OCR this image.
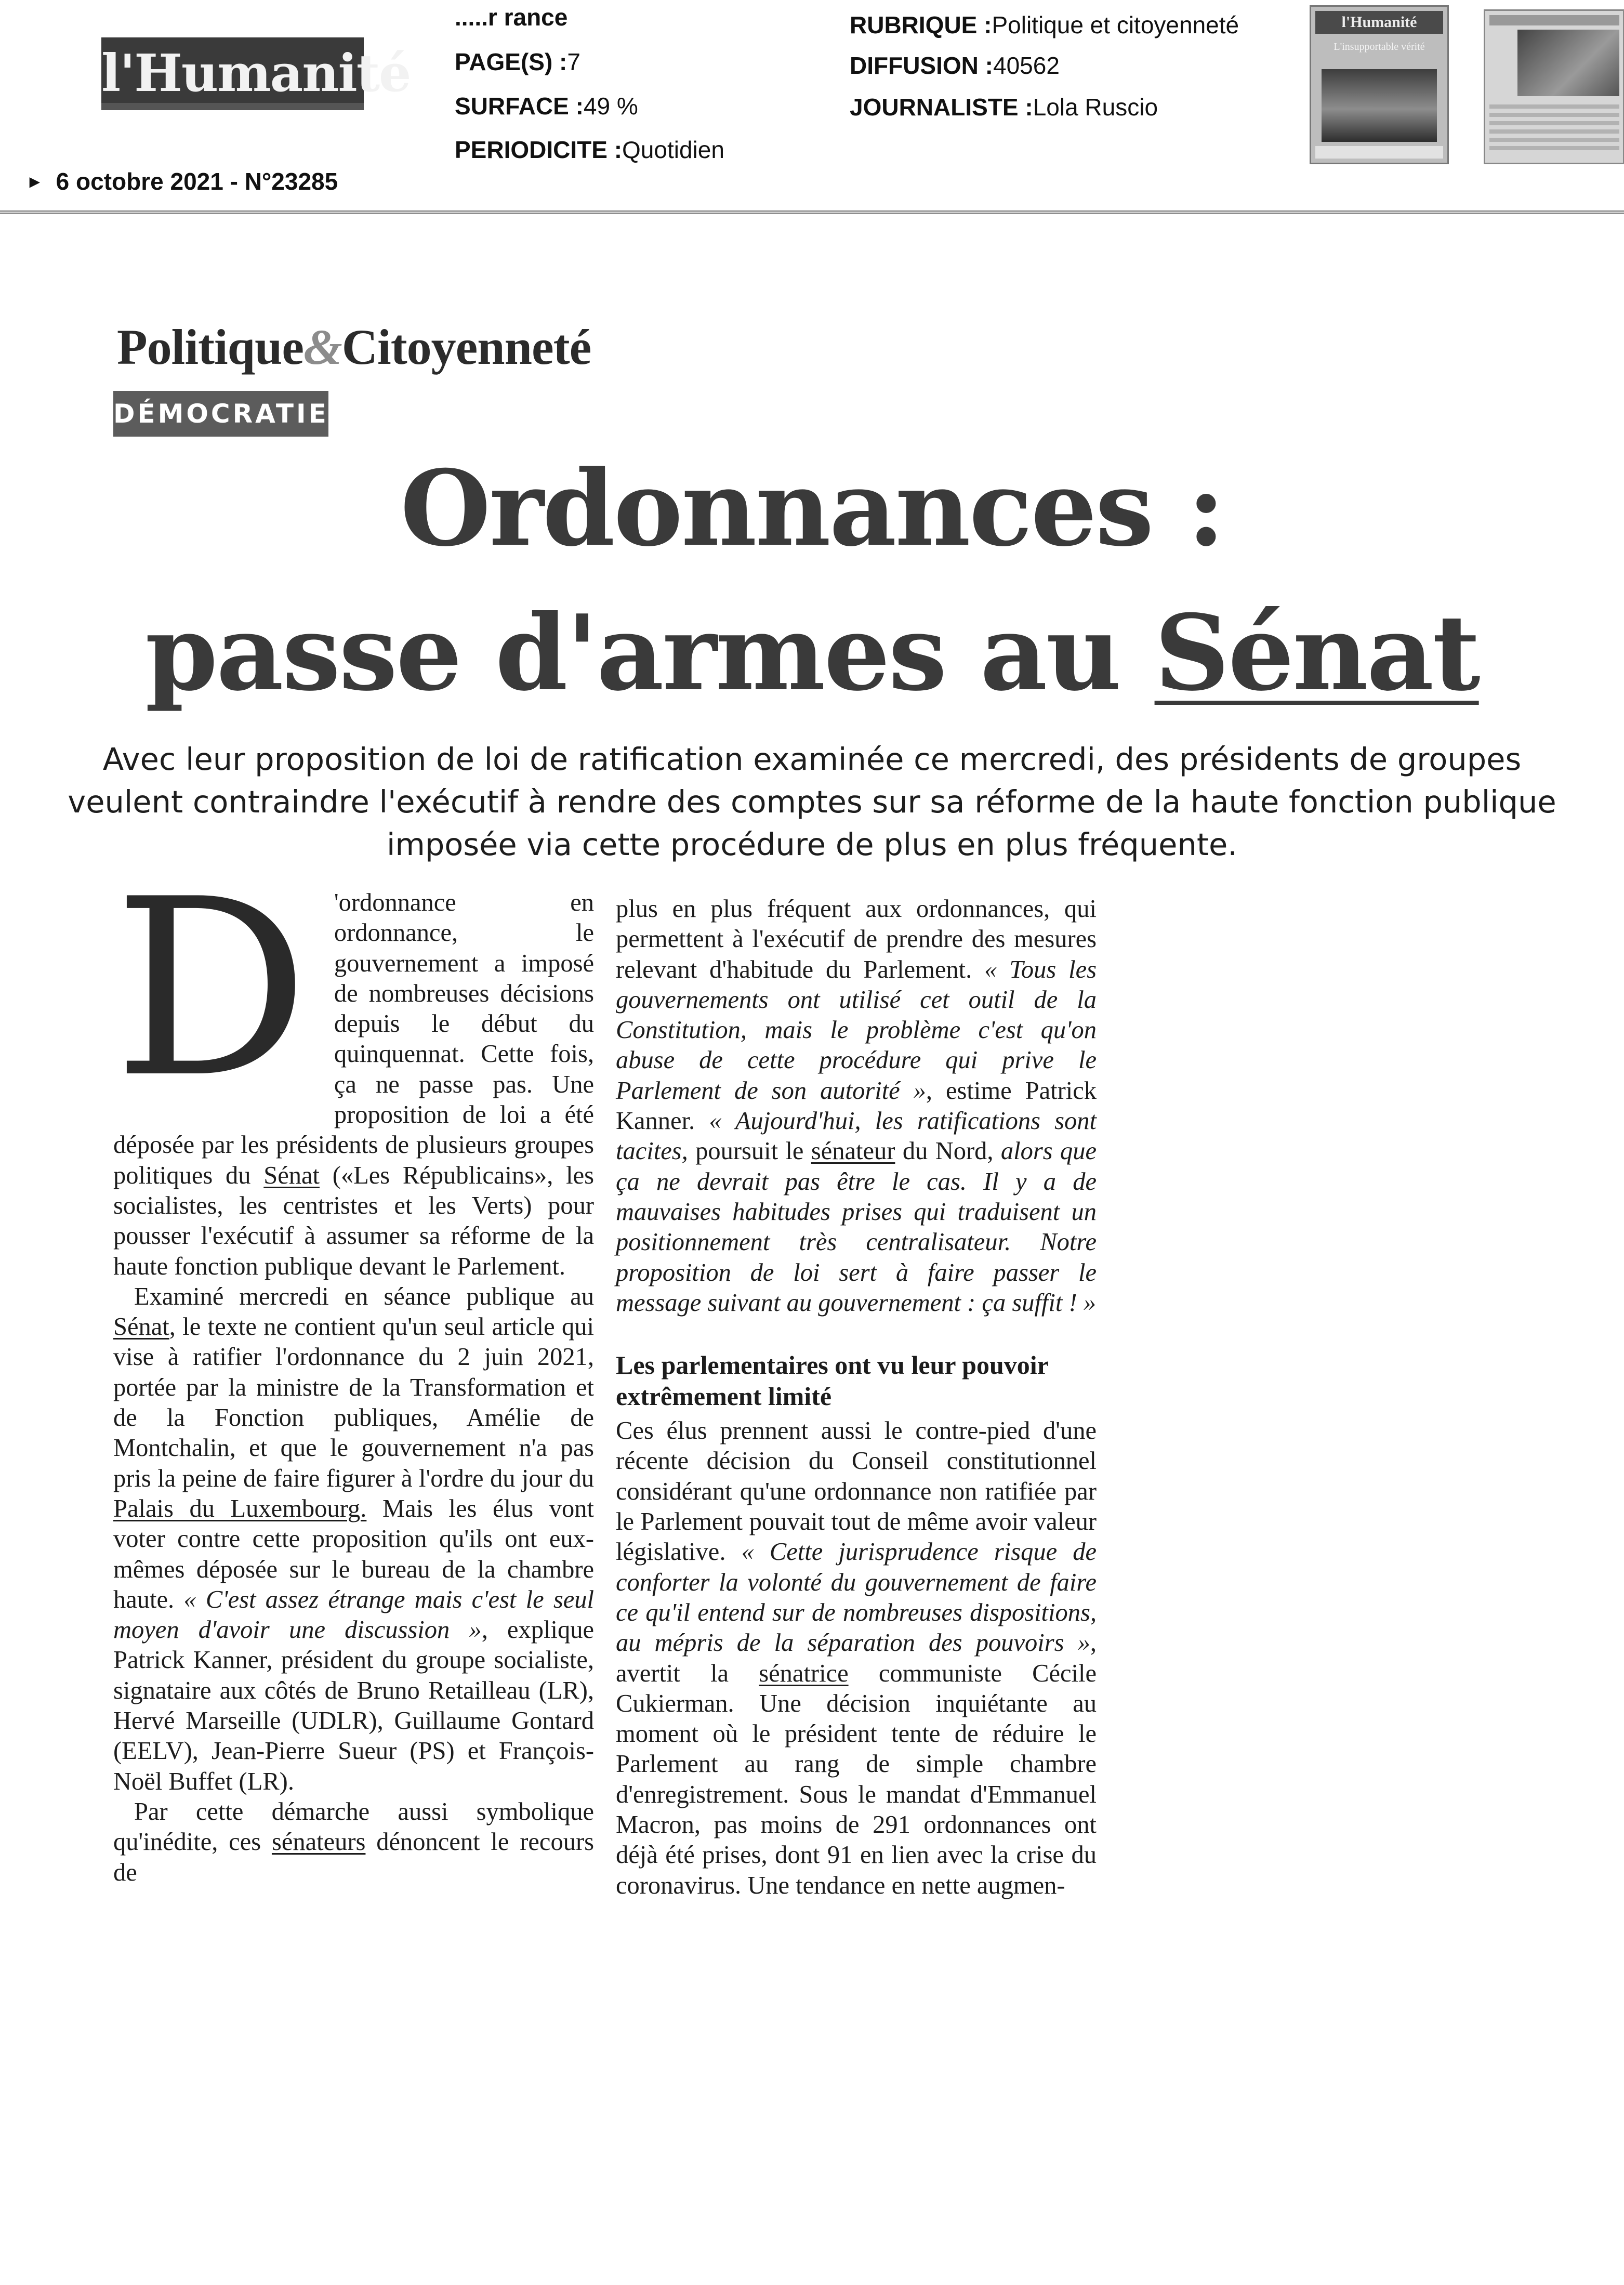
l'Humanité
.....r rance
PAGE(S) :7
SURFACE :49 %
PERIODICITE :Quotidien
RUBRIQUE :Politique et citoyenneté
DIFFUSION :40562
JOURNALISTE :Lola Ruscio
► 6 octobre 2021 - N°23285
l'Humanité
L'insupportable vérité
Politique&Citoyenneté
DÉMOCRATIE
Ordonnances :
passe d'armes au Sénat
Avec leur proposition de loi de ratification examinée ce mercredi, des présidents de groupes veulent contraindre l'exécutif à rendre des comptes sur sa réforme de la haute fonction publique imposée via cette procédure de plus en plus fréquente.

D 'ordonnance en ordonnance, le gouvernement a imposé de nombreuses décisions depuis le début du quinquennat. Cette fois, ça ne passe pas. Une proposition de loi a été déposée par les présidents de plusieurs groupes politiques du Sénat («Les Républicains», les socialistes, les centristes et les Verts) pour pousser l'exécutif à assumer sa réforme de la haute fonction publique devant le Parlement.

Examiné mercredi en séance publique au Sénat, le texte ne contient qu'un seul article qui vise à ratifier l'ordonnance du 2 juin 2021, portée par la ministre de la Transformation et de la Fonction publiques, Amélie de Montchalin, et que le gouvernement n'a pas pris la peine de faire figurer à l'ordre du jour du Palais du Luxembourg. Mais les élus vont voter contre cette proposition qu'ils ont eux-mêmes déposée sur le bureau de la chambre haute. « C'est assez étrange mais c'est le seul moyen d'avoir une discussion », explique Patrick Kanner, président du groupe socialiste, signataire aux côtés de Bruno Retailleau (LR), Hervé Marseille (UDLR), Guillaume Gontard (EELV), Jean-Pierre Sueur (PS) et François-Noël Buffet (LR).

Par cette démarche aussi symbolique qu'inédite, ces sénateurs dénoncent le recours de

plus en plus fréquent aux ordonnances, qui permettent à l'exécutif de prendre des mesures relevant d'habitude du Parlement. « Tous les gouvernements ont utilisé cet outil de la Constitution, mais le problème c'est qu'on abuse de cette procédure qui prive le Parlement de son autorité », estime Patrick Kanner. « Aujourd'hui, les ratifications sont tacites, poursuit le sénateur du Nord, alors que ça ne devrait pas être le cas. Il y a de mauvaises habitudes prises qui traduisent un positionnement très centralisateur. Notre proposition de loi sert à faire passer le message suivant au gouvernement : ça suffit ! »

Les parlementaires ont vu leur pouvoir extrêmement limité

Ces élus prennent aussi le contre-pied d'une récente décision du Conseil constitutionnel considérant qu'une ordonnance non ratifiée par le Parlement pouvait tout de même avoir valeur législative. « Cette jurisprudence risque de conforter la volonté du gouvernement de faire ce qu'il entend sur de nombreuses dispositions, au mépris de la séparation des pouvoirs », avertit la sénatrice communiste Cécile Cukierman. Une décision inquiétante au moment où le président tente de réduire le Parlement au rang de simple chambre d'enregistrement. Sous le mandat d'Emmanuel Macron, pas moins de 291 ordonnances ont déjà été prises, dont 91 en lien avec la crise du coronavirus. Une tendance en nette augmen-
